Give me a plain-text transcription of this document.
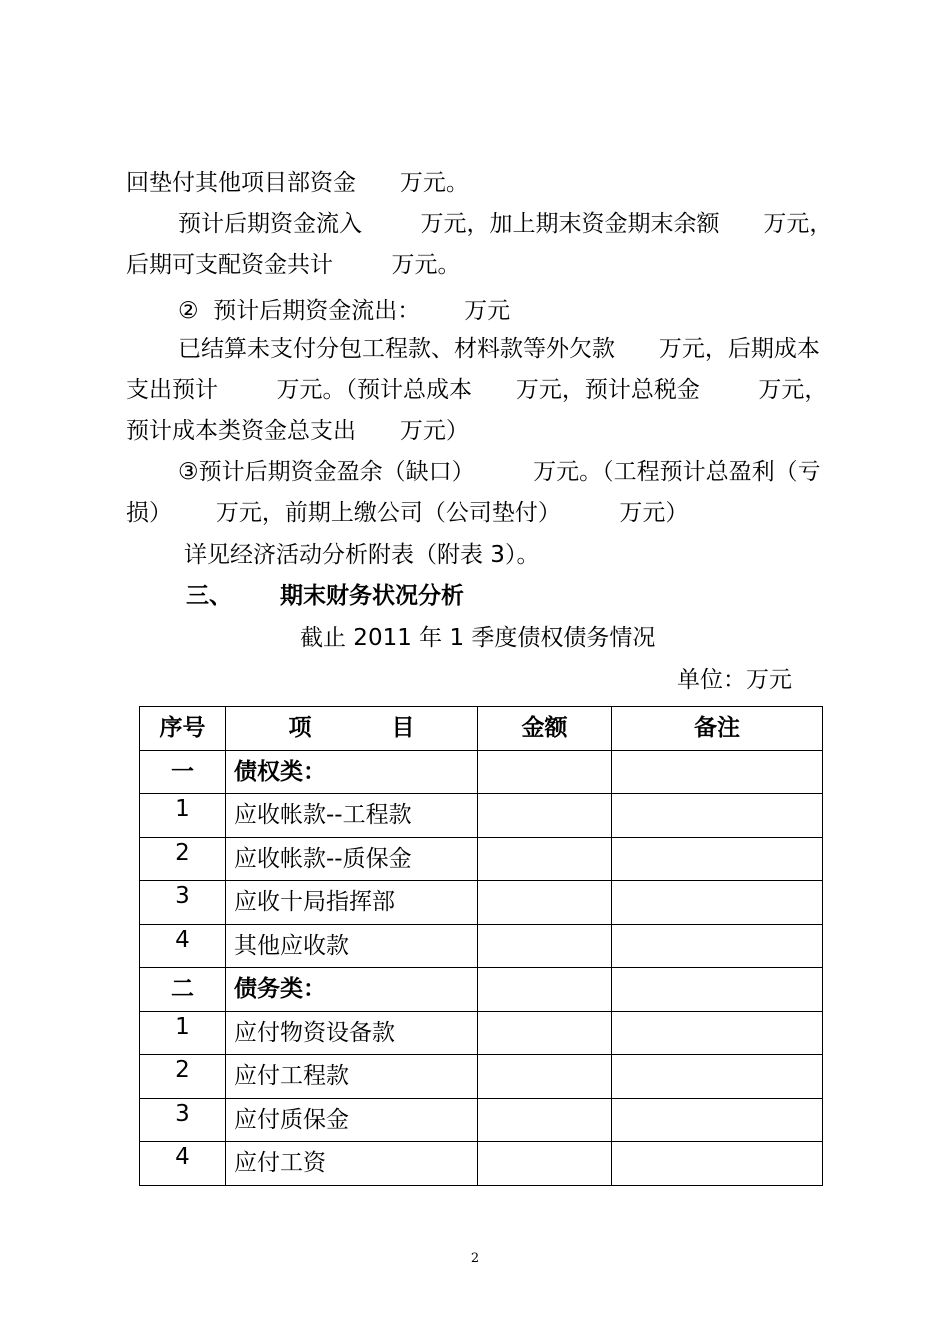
回垫付其他项目部资金      万元。
预计后期资金流入        万元，加上期末资金期末余额      万元，
后期可支配资金共计        万元。
②  预计后期资金流出：      万元
已结算未支付分包工程款、材料款等外欠款      万元，后期成本
支出预计        万元。（预计总成本      万元，预计总税金        万元，
预计成本类资金总支出      万元）
③预计后期资金盈余（缺口）        万元。（工程预计总盈利（亏
损）      万元，前期上缴公司（公司垫付）        万元）
详见经济活动分析附表（附表 3）。
三、      期末财务状况分析
截止 2011 年 1 季度债权债务情况
单位：万元
序号	项          目	金额	备注
一	债权类：		
1	应收帐款--工程款		
2	应收帐款--质保金		
3	应收十局指挥部		
4	其他应收款		
二	债务类：		
1	应付物资设备款		
2	应付工程款		
3	应付质保金		
4	应付工资		
2
